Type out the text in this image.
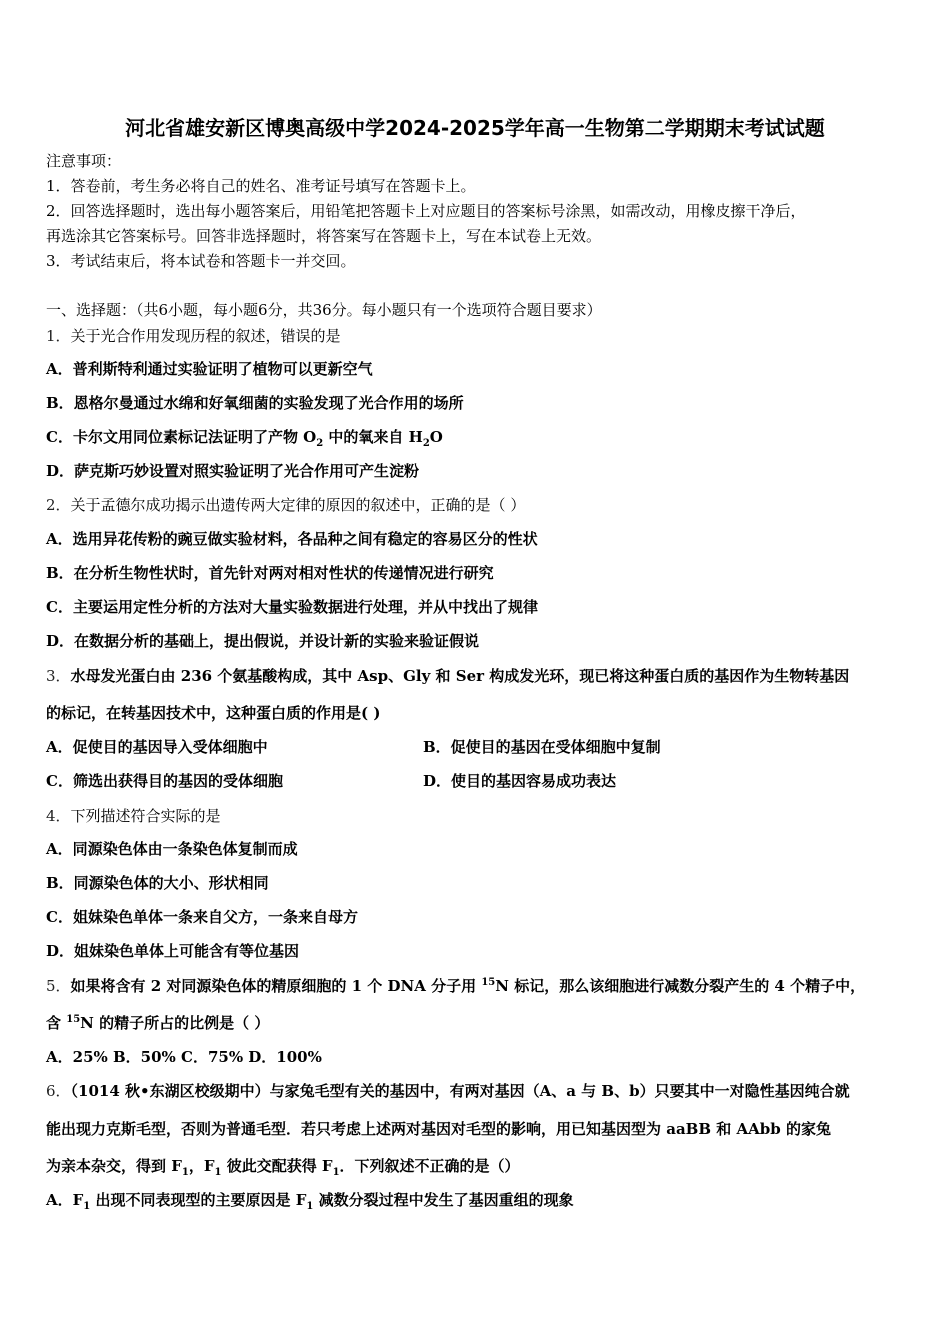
河北省雄安新区博奥高级中学2024-2025学年高一生物第二学期期末考试试题
注意事项：
1．答卷前，考生务必将自己的姓名、准考证号填写在答题卡上。
2．回答选择题时，选出每小题答案后，用铅笔把答题卡上对应题目的答案标号涂黑，如需改动，用橡皮擦干净后，
再选涂其它答案标号。回答非选择题时，将答案写在答题卡上，写在本试卷上无效。
3．考试结束后，将本试卷和答题卡一并交回。
一、选择题：（共6小题，每小题6分，共36分。每小题只有一个选项符合题目要求）
1．关于光合作用发现历程的叙述，错误的是
A．普利斯特利通过实验证明了植物可以更新空气
B．恩格尔曼通过水绵和好氧细菌的实验发现了光合作用的场所
C．卡尔文用同位素标记法证明了产物 $O_2$ 中的氧来自 $H_2O$
D．萨克斯巧妙设置对照实验证明了光合作用可产生淀粉
2．关于孟德尔成功揭示出遗传两大定律的原因的叙述中，正确的是（ ）
A．选用异花传粉的豌豆做实验材料，各品种之间有稳定的容易区分的性状
B．在分析生物性状时，首先针对两对相对性状的传递情况进行研究
C．主要运用定性分析的方法对大量实验数据进行处理，并从中找出了规律
D．在数据分析的基础上，提出假说，并设计新的实验来验证假说
3．水母发光蛋白由 236 个氨基酸构成，其中 Asp、Gly 和 Ser 构成发光环，现已将这种蛋白质的基因作为生物转基因
的标记，在转基因技术中，这种蛋白质的作用是( )
A．促使目的基因导入受体细胞中	B．促使目的基因在受体细胞中复制
C．筛选出获得目的基因的受体细胞	D．使目的基因容易成功表达
4．下列描述符合实际的是
A．同源染色体由一条染色体复制而成
B．同源染色体的大小、形状相同
C．姐妹染色单体一条来自父方，一条来自母方
D．姐妹染色单体上可能含有等位基因
5．如果将含有 2 对同源染色体的精原细胞的 1 个 DNA 分子用 $^{15}$N 标记，那么该细胞进行减数分裂产生的 4 个精子中，
含 $^{15}$N 的精子所占的比例是（ ）
A．25% B．50% C．75% D．100%
6．（1014 秋•东湖区校级期中）与家兔毛型有关的基因中，有两对基因（A、a 与 B、b）只要其中一对隐性基因纯合就
能出现力克斯毛型，否则为普通毛型．若只考虑上述两对基因对毛型的影响，用已知基因型为 aaBB 和 AAbb 的家兔
为亲本杂交，得到 $F_1$，$F_1$ 彼此交配获得 $F_1$．下列叙述不正确的是（）
A．$F_1$ 出现不同表现型的主要原因是 $F_1$ 减数分裂过程中发生了基因重组的现象
